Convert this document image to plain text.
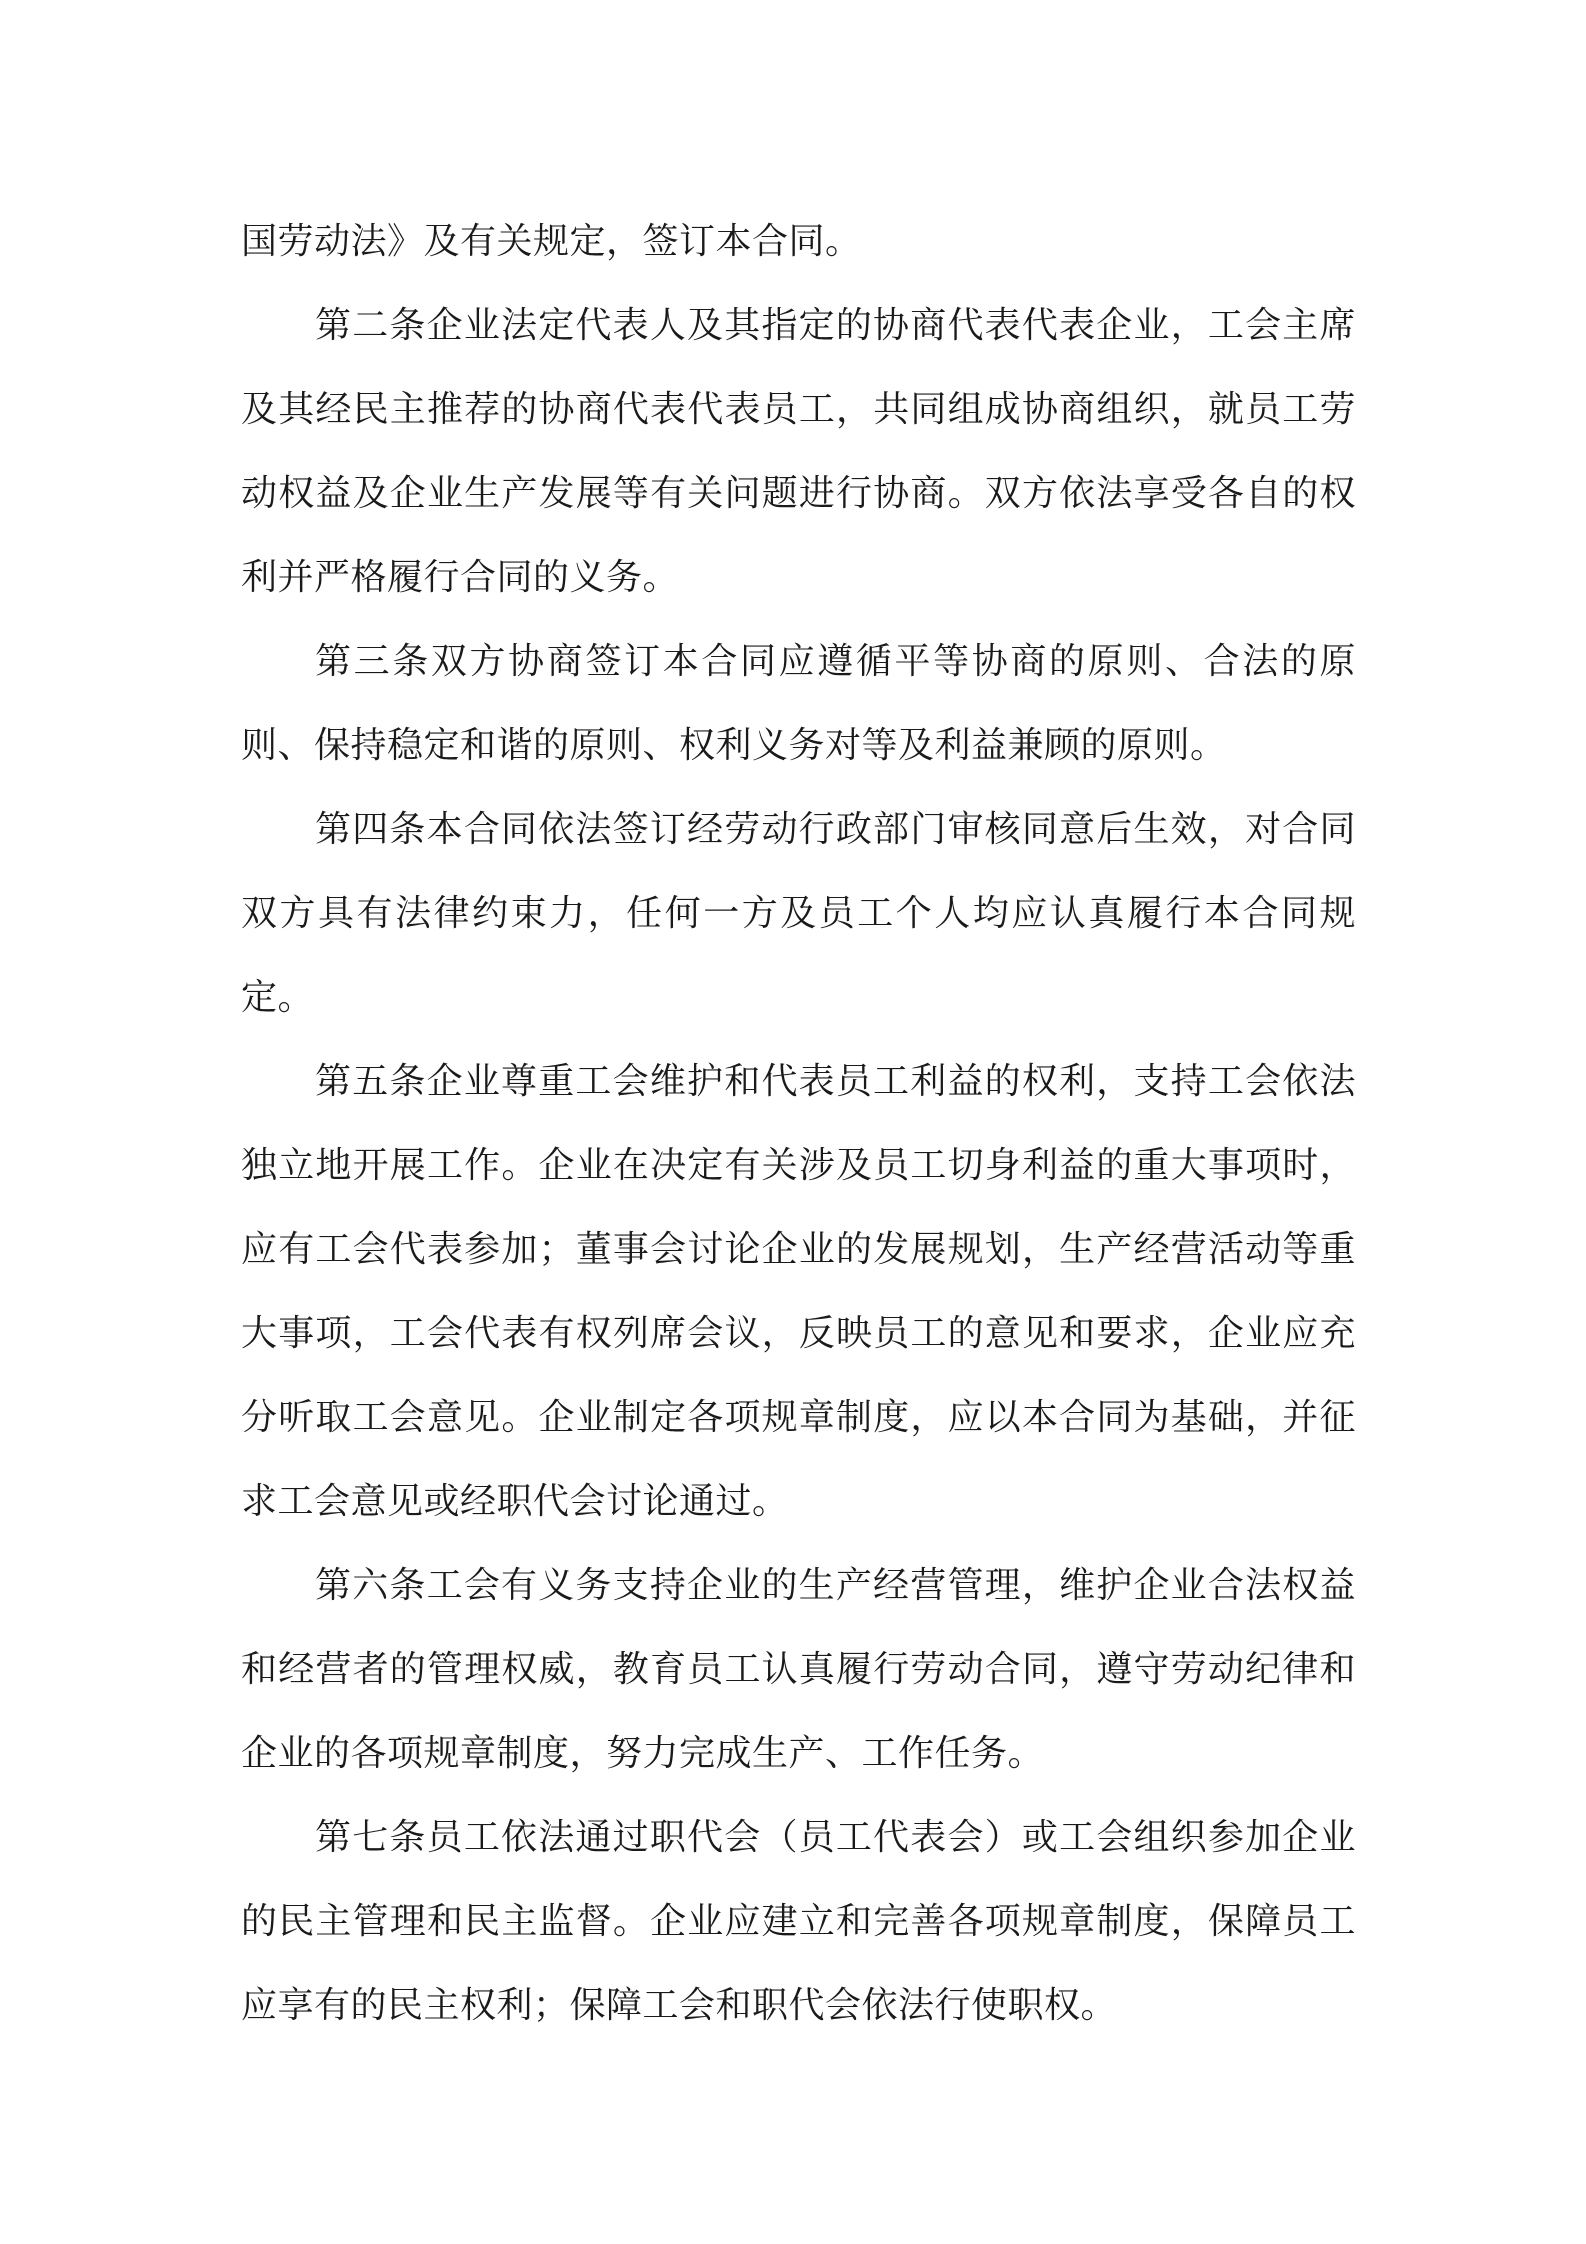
国劳动法》及有关规定，签订本合同。

第二条企业法定代表人及其指定的协商代表代表企业，工会主席及其经民主推荐的协商代表代表员工，共同组成协商组织，就员工劳动权益及企业生产发展等有关问题进行协商。双方依法享受各自的权利并严格履行合同的义务。

第三条双方协商签订本合同应遵循平等协商的原则、合法的原则、保持稳定和谐的原则、权利义务对等及利益兼顾的原则。

第四条本合同依法签订经劳动行政部门审核同意后生效，对合同双方具有法律约束力，任何一方及员工个人均应认真履行本合同规定。

第五条企业尊重工会维护和代表员工利益的权利，支持工会依法独立地开展工作。企业在决定有关涉及员工切身利益的重大事项时，应有工会代表参加；董事会讨论企业的发展规划，生产经营活动等重大事项，工会代表有权列席会议，反映员工的意见和要求，企业应充分听取工会意见。企业制定各项规章制度，应以本合同为基础，并征求工会意见或经职代会讨论通过。

第六条工会有义务支持企业的生产经营管理，维护企业合法权益和经营者的管理权威，教育员工认真履行劳动合同，遵守劳动纪律和企业的各项规章制度，努力完成生产、工作任务。

第七条员工依法通过职代会（员工代表会）或工会组织参加企业的民主管理和民主监督。企业应建立和完善各项规章制度，保障员工应享有的民主权利；保障工会和职代会依法行使职权。
